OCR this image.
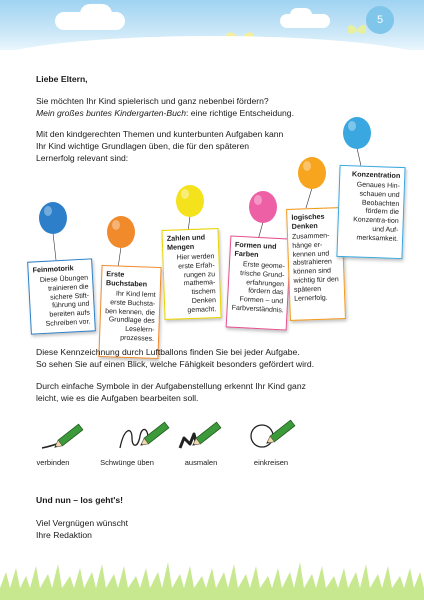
5
Liebe Eltern,
Sie möchten Ihr Kind spielerisch und ganz nebenbei fördern?
Mein großes buntes Kindergarten-Buch: eine richtige Entscheidung.
Mit den kindgerechten Themen und kunterbunten Aufgaben kann
Ihr Kind wichtige Grundlagen üben, die für den späteren
Lernerfolg relevant sind:
Feinmotorik
Diese Übungen trainieren die sichere Stift-führung und bereiten aufs Schreiben vor.
Erste Buchstaben
Ihr Kind lernt erste Buchsta-ben kennen, die Grundlage des Leselern-prozesses.
Zahlen und Mengen
Hier werden erste Erfah-rungen zu mathema-tischem Denken gemacht.
Formen und Farben
Erste geome-trische Grund-erfahrungen fördern das Formen – und Farbverständnis.
logisches Denken
Zusammen-hänge er-kennen und abstrahieren können sind wichtig für den späteren Lernerfolg.
Konzentration
Genaues Hin-schauen und Beobachten fördern die Konzentra-tion und Auf-merksamkeit.
Diese Kennzeichnung durch Luftballons finden Sie bei jeder Aufgabe.
So sehen Sie auf einen Blick, welche Fähigkeit besonders gefördert wird.
Durch einfache Symbole in der Aufgabenstellung erkennt Ihr Kind ganz
leicht, wie es die Aufgaben bearbeiten soll.
verbinden	Schwünge üben	ausmalen	einkreisen
Und nun – los geht's!
Viel Vergnügen wünscht
Ihre Redaktion
